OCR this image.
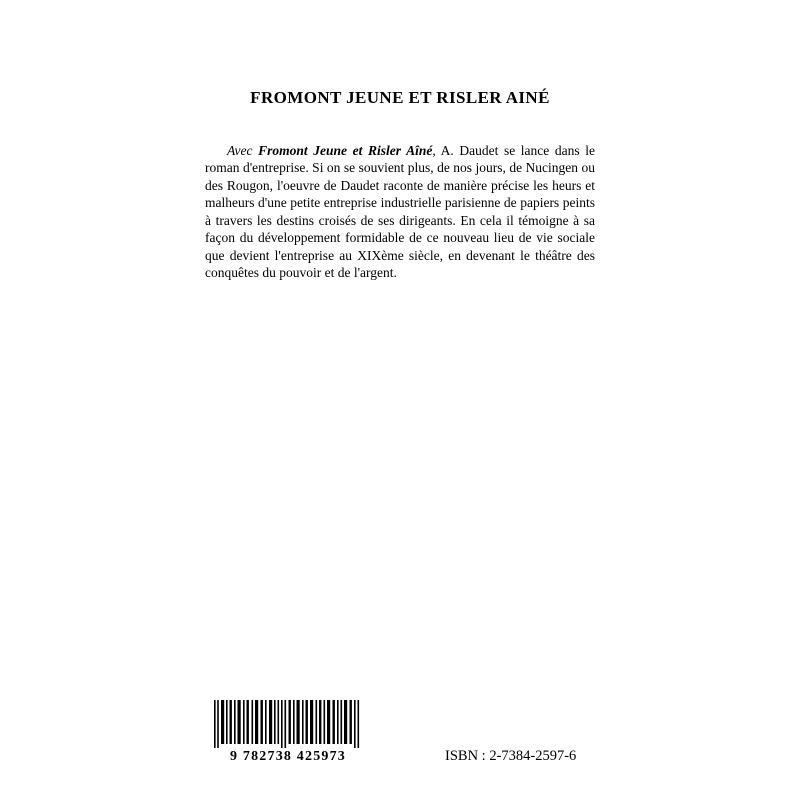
FROMONT JEUNE ET RISLER AINÉ

Avec Fromont Jeune et Risler Aîné, A. Daudet se lance dans le roman d'entreprise. Si on se souvient plus, de nos jours, de Nucingen ou des Rougon, l'oeuvre de Daudet raconte de manière précise les heurs et malheurs d'une petite entreprise industrielle parisienne de papiers peints à travers les destins croisés de ses dirigeants. En cela il témoigne à sa façon du développement formidable de ce nouveau lieu de vie sociale que devient l'entreprise au XIXème siècle, en devenant le théâtre des conquêtes du pouvoir et de l'argent.

9 782738 425973	ISBN : 2-7384-2597-6
